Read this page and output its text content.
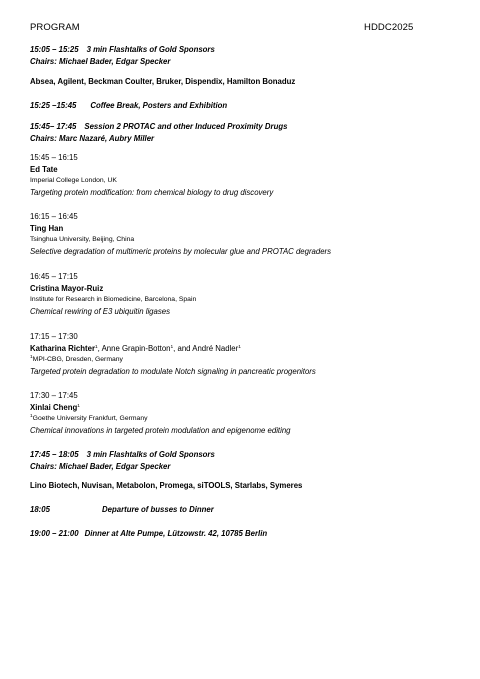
PROGRAM	HDDC2025
15:05 – 15:25 3 min Flashtalks of Gold Sponsors
Chairs: Michael Bader, Edgar Specker
Absea, Agilent, Beckman Coulter, Bruker, Dispendix, Hamilton Bonaduz
15:25 –15:45 Coffee Break, Posters and Exhibition
15:45– 17:45 Session 2 PROTAC and other Induced Proximity Drugs
Chairs: Marc Nazaré, Aubry Miller
15:45 – 16:15
Ed Tate
Imperial College London, UK
Targeting protein modification: from chemical biology to drug discovery
16:15 – 16:45
Ting Han
Tsinghua University, Beijing, China
Selective degradation of multimeric proteins by molecular glue and PROTAC degraders
16:45 – 17:15
Cristina Mayor-Ruiz
Institute for Research in Biomedicine, Barcelona, Spain
Chemical rewiring of E3 ubiquitin ligases
17:15 – 17:30
Katharina Richter$^1$, Anne Grapin-Botton$^1$, and André Nadler$^1$
$^1$MPI-CBG, Dresden, Germany
Targeted protein degradation to modulate Notch signaling in pancreatic progenitors
17:30 – 17:45
Xinlai Cheng$^1$
$^1$Goethe University Frankfurt, Germany
Chemical innovations in targeted protein modulation and epigenome editing
17:45 – 18:05 3 min Flashtalks of Gold Sponsors
Chairs: Michael Bader, Edgar Specker
Lino Biotech, Nuvisan, Metabolon, Promega, siTOOLS, Starlabs, Symeres
18:05	Departure of busses to Dinner
19:00 – 21:00 Dinner at Alte Pumpe, Lützowstr. 42, 10785 Berlin
